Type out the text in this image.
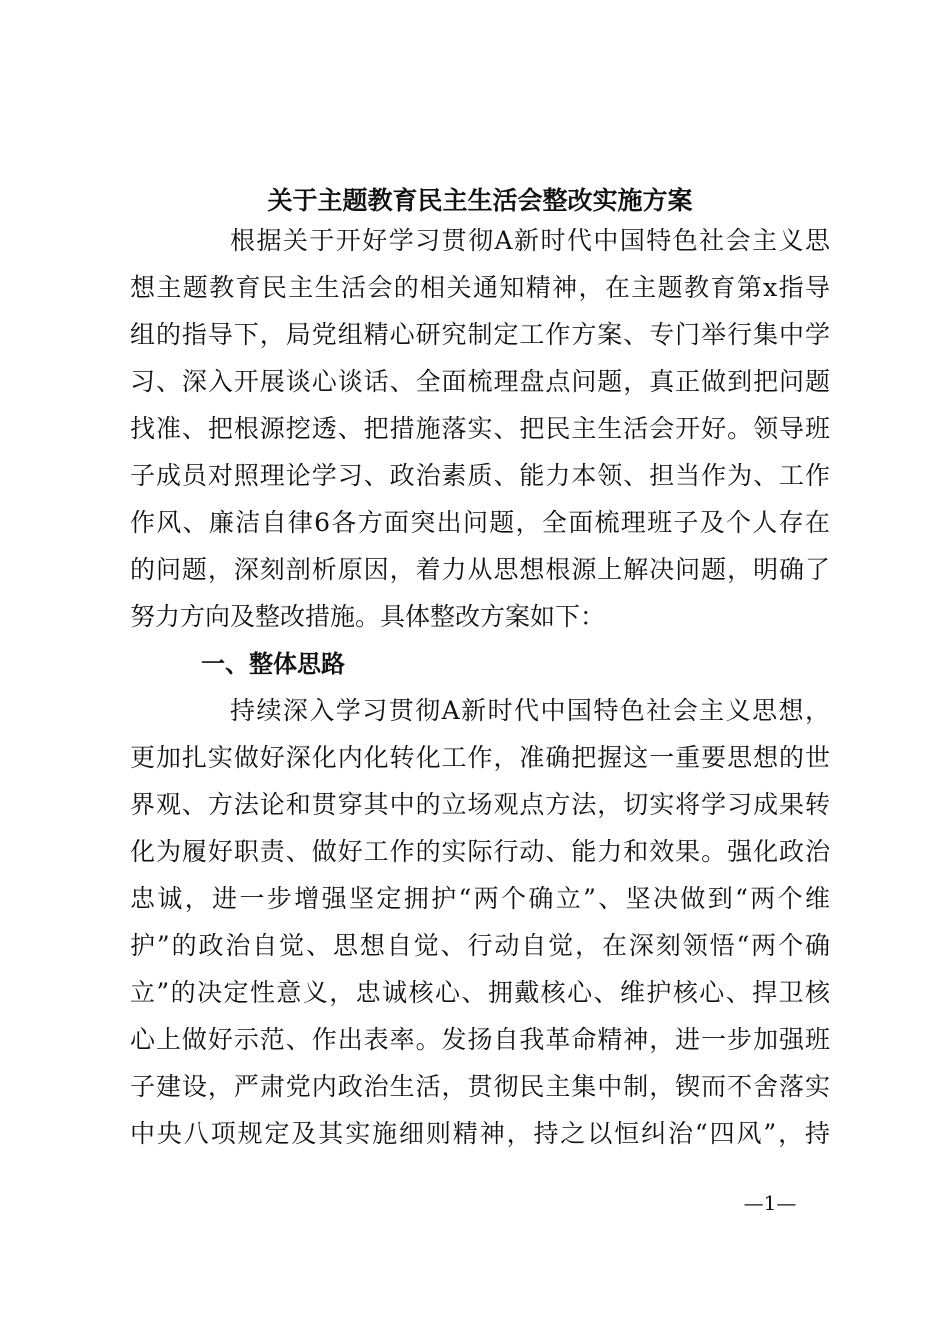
关于主题教育民主生活会整改实施方案
根据关于开好学习贯彻A新时代中国特色社会主义思
想主题教育民主生活会的相关通知精神，在主题教育第x指导
组的指导下，局党组精心研究制定工作方案、专门举行集中学
习、深入开展谈心谈话、全面梳理盘点问题，真正做到把问题
找准、把根源挖透、把措施落实、把民主生活会开好。领导班
子成员对照理论学习、政治素质、能力本领、担当作为、工作
作风、廉洁自律6各方面突出问题，全面梳理班子及个人存在
的问题，深刻剖析原因，着力从思想根源上解决问题，明确了
努力方向及整改措施。具体整改方案如下：
一、整体思路
持续深入学习贯彻A新时代中国特色社会主义思想，
更加扎实做好深化内化转化工作，准确把握这一重要思想的世
界观、方法论和贯穿其中的立场观点方法，切实将学习成果转
化为履好职责、做好工作的实际行动、能力和效果。强化政治
忠诚，进一步增强坚定拥护“两个确立”、坚决做到“两个维
护”的政治自觉、思想自觉、行动自觉，在深刻领悟“两个确
立”的决定性意义，忠诚核心、拥戴核心、维护核心、捍卫核
心上做好示范、作出表率。发扬自我革命精神，进一步加强班
子建设，严肃党内政治生活，贯彻民主集中制，锲而不舍落实
中央八项规定及其实施细则精神，持之以恒纠治“四风”，持
—1—
